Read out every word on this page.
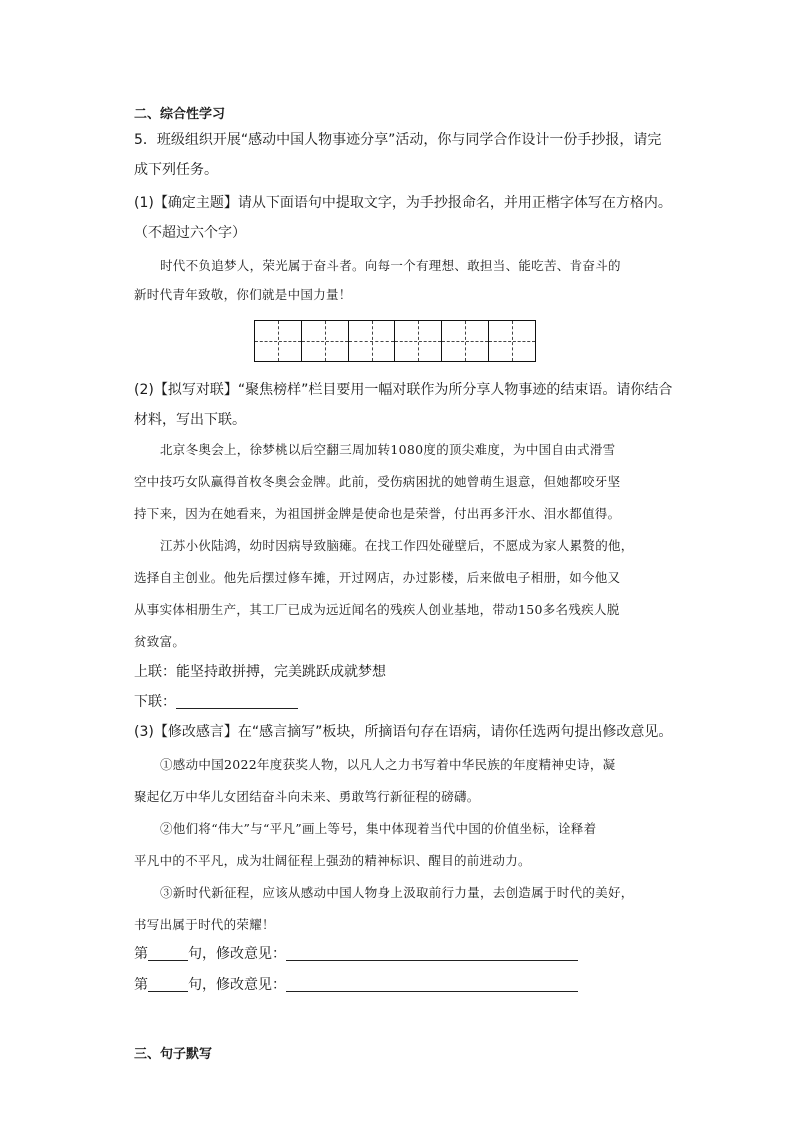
二、综合性学习
5．班级组织开展“感动中国人物事迹分享”活动，你与同学合作设计一份手抄报，请完
成下列任务。
(1)【确定主题】请从下面语句中提取文字，为手抄报命名，并用正楷字体写在方格内。
（不超过六个字）
时代不负追梦人，荣光属于奋斗者。向每一个有理想、敢担当、能吃苦、肯奋斗的
新时代青年致敬，你们就是中国力量！
(2)【拟写对联】“聚焦榜样”栏目要用一幅对联作为所分享人物事迹的结束语。请你结合
材料，写出下联。
北京冬奥会上，徐梦桃以后空翻三周加转1080度的顶尖难度，为中国自由式滑雪
空中技巧女队赢得首枚冬奥会金牌。此前，受伤病困扰的她曾萌生退意，但她都咬牙坚
持下来，因为在她看来，为祖国拼金牌是使命也是荣誉，付出再多汗水、泪水都值得。
江苏小伙陆鸿，幼时因病导致脑瘫。在找工作四处碰壁后，不愿成为家人累赘的他，
选择自主创业。他先后摆过修车摊，开过网店，办过影楼，后来做电子相册，如今他又
从事实体相册生产，其工厂已成为远近闻名的残疾人创业基地，带动150多名残疾人脱
贫致富。
上联：能坚持敢拼搏，完美跳跃成就梦想
下联：
(3)【修改感言】在“感言摘写”板块，所摘语句存在语病，请你任选两句提出修改意见。
①感动中国2022年度获奖人物，以凡人之力书写着中华民族的年度精神史诗，凝
聚起亿万中华儿女团结奋斗向未来、勇敢笃行新征程的磅礴。
②他们将“伟大”与“平凡”画上等号，集中体现着当代中国的价值坐标，诠释着
平凡中的不平凡，成为壮阔征程上强劲的精神标识、醒目的前进动力。
③新时代新征程，应该从感动中国人物身上汲取前行力量，去创造属于时代的美好，
书写出属于时代的荣耀！
第	句，修改意见：
第	句，修改意见：
三、句子默写
